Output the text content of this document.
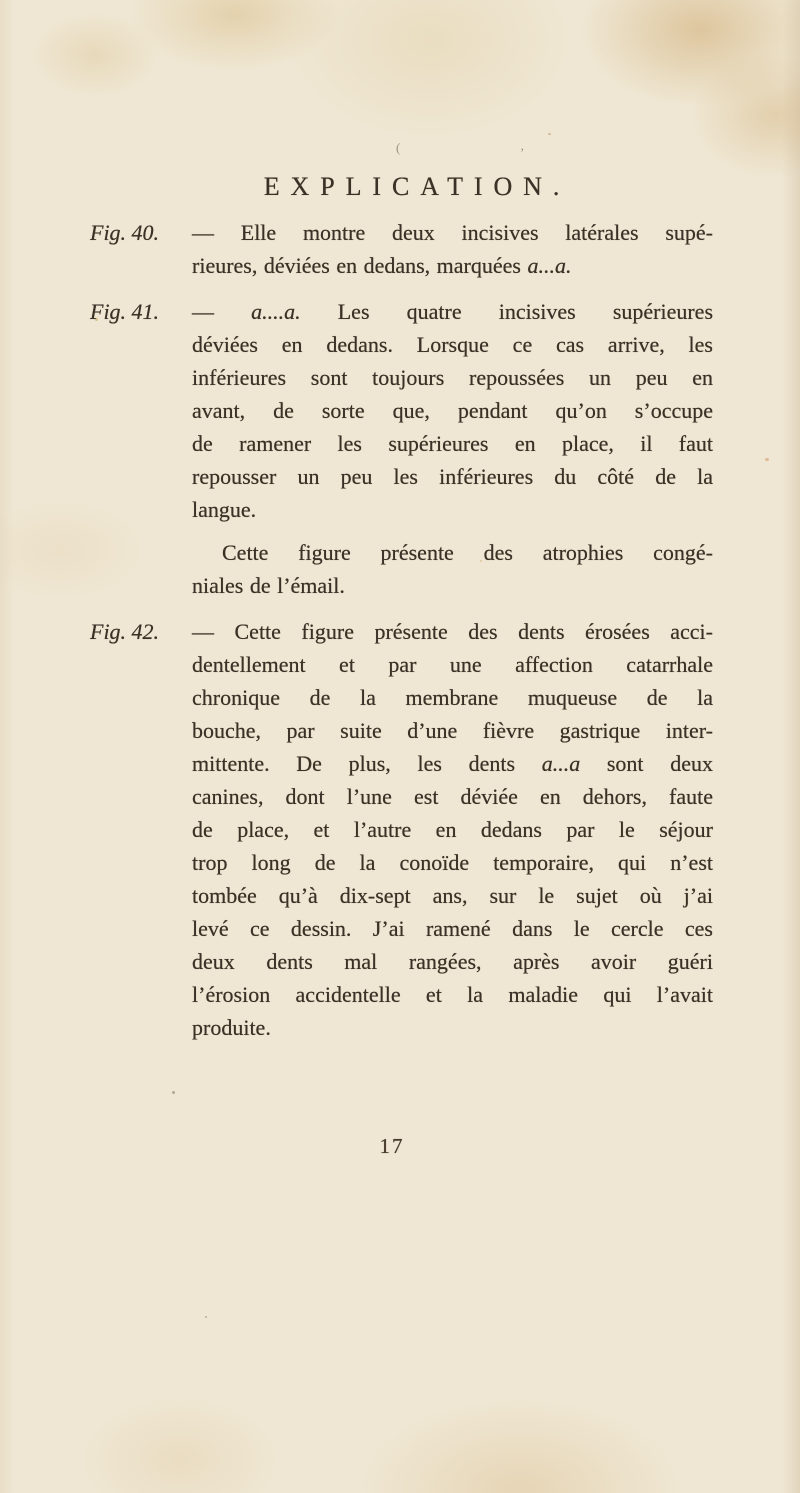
(	’
EXPLICATION.
Fig. 40. — Elle montre deux incisives latérales supé-
rieures, déviées en dedans, marquées a...a.
Fig. 41. — a....a. Les quatre incisives supérieures
déviées en dedans. Lorsque ce cas arrive, les
inférieures sont toujours repoussées un peu en
avant, de sorte que, pendant qu’on s’occupe
de ramener les supérieures en place, il faut
repousser un peu les inférieures du côté de la
langue.
Cette figure présente des atrophies congé-
niales de l’émail.
Fig. 42. — Cette figure présente des dents érosées acci-
dentellement et par une affection catarrhale
chronique de la membrane muqueuse de la
bouche, par suite d’une fièvre gastrique inter-
mittente. De plus, les dents a...a sont deux
canines, dont l’une est déviée en dehors, faute
de place, et l’autre en dedans par le séjour
trop long de la conoïde temporaire, qui n’est
tombée qu’à dix-sept ans, sur le sujet où j’ai
levé ce dessin. J’ai ramené dans le cercle ces
deux dents mal rangées, après avoir guéri
l’érosion accidentelle et la maladie qui l’avait
produite.
17
